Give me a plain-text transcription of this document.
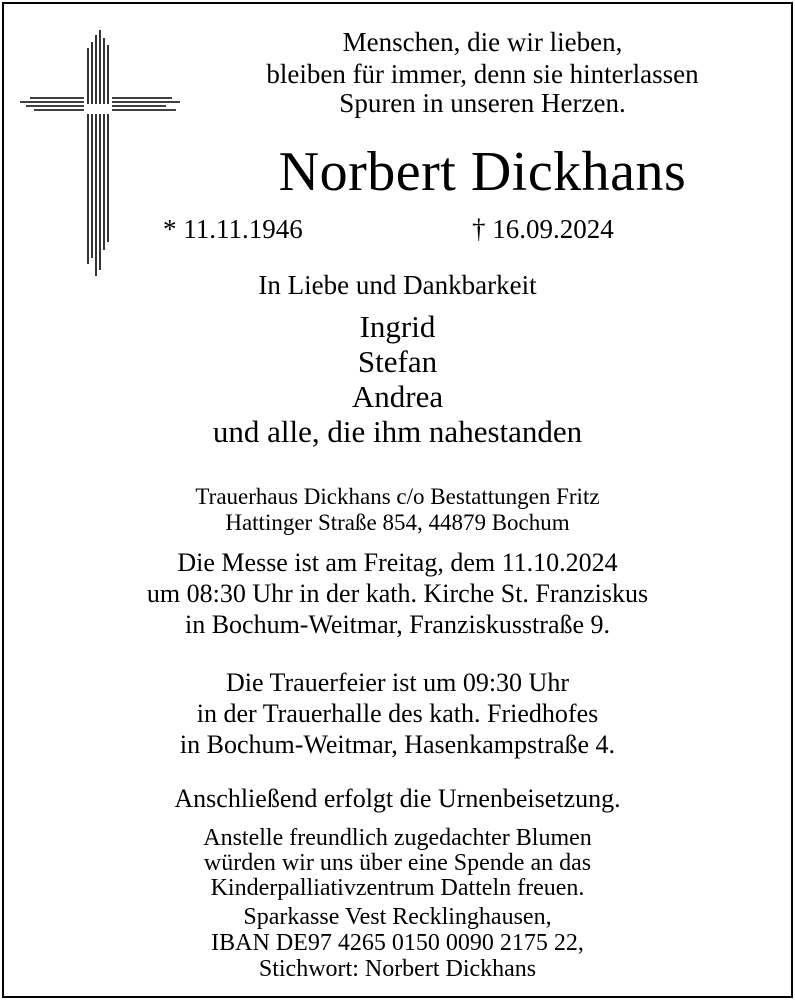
Menschen, die wir lieben,
bleiben für immer, denn sie hinterlassen
Spuren in unseren Herzen.
Norbert Dickhans
* 11.11.1946	† 16.09.2024
In Liebe und Dankbarkeit
Ingrid
Stefan
Andrea
und alle, die ihm nahestanden
Trauerhaus Dickhans c/o Bestattungen Fritz
Hattinger Straße 854, 44879 Bochum
Die Messe ist am Freitag, dem 11.10.2024
um 08:30 Uhr in der kath. Kirche St. Franziskus
in Bochum-Weitmar, Franziskusstraße 9.
Die Trauerfeier ist um 09:30 Uhr
in der Trauerhalle des kath. Friedhofes
in Bochum-Weitmar, Hasenkampstraße 4.
Anschließend erfolgt die Urnenbeisetzung.
Anstelle freundlich zugedachter Blumen
würden wir uns über eine Spende an das
Kinderpalliativzentrum Datteln freuen.
Sparkasse Vest Recklinghausen,
IBAN DE97 4265 0150 0090 2175 22,
Stichwort: Norbert Dickhans
